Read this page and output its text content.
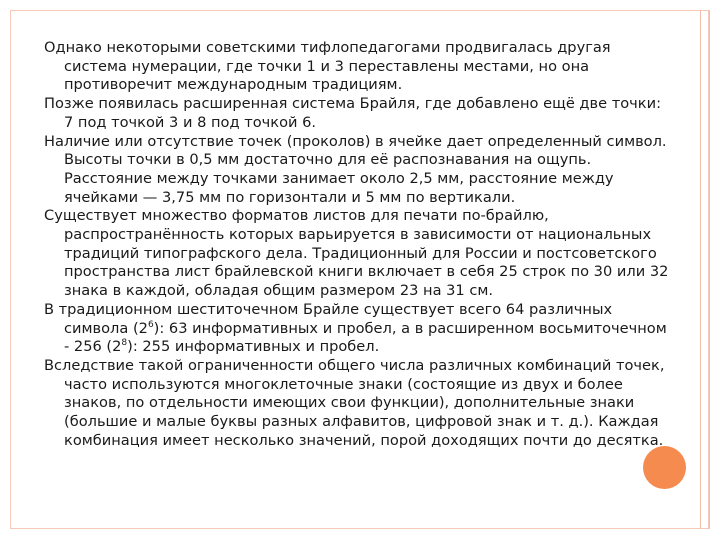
Однако некоторыми советскими тифлопедагогами продвигалась другая система нумерации, где точки 1 и 3 переставлены местами, но она противоречит международным традициям.

Позже появилась расширенная система Брайля, где добавлено ещё две точки: 7 под точкой 3 и 8 под точкой 6.

Наличие или отсутствие точек (проколов) в ячейке дает определенный символ. Высоты точки в 0,5 мм достаточно для её распознавания на ощупь. Расстояние между точками занимает около 2,5 мм, расстояние между ячейками — 3,75 мм по горизонтали и 5 мм по вертикали.

Существует множество форматов листов для печати по-брайлю, распространённость которых варьируется в зависимости от национальных традиций типографского дела. Традиционный для России и постсоветского пространства лист брайлевской книги включает в себя 25 строк по 30 или 32 знака в каждой, обладая общим размером 23 на 31 см.

В традиционном шеститочечном Брайле существует всего 64 различных символа $(2^6)$: 63 информативных и пробел, а в расширенном восьмиточечном - 256 $(2^8)$: 255 информативных и пробел.

Вследствие такой ограниченности общего числа различных комбинаций точек, часто используются многоклеточные знаки (состоящие из двух и более знаков, по отдельности имеющих свои функции), дополнительные знаки (большие и малые буквы разных алфавитов, цифровой знак и т. д.). Каждая комбинация имеет несколько значений, порой доходящих почти до десятка.
